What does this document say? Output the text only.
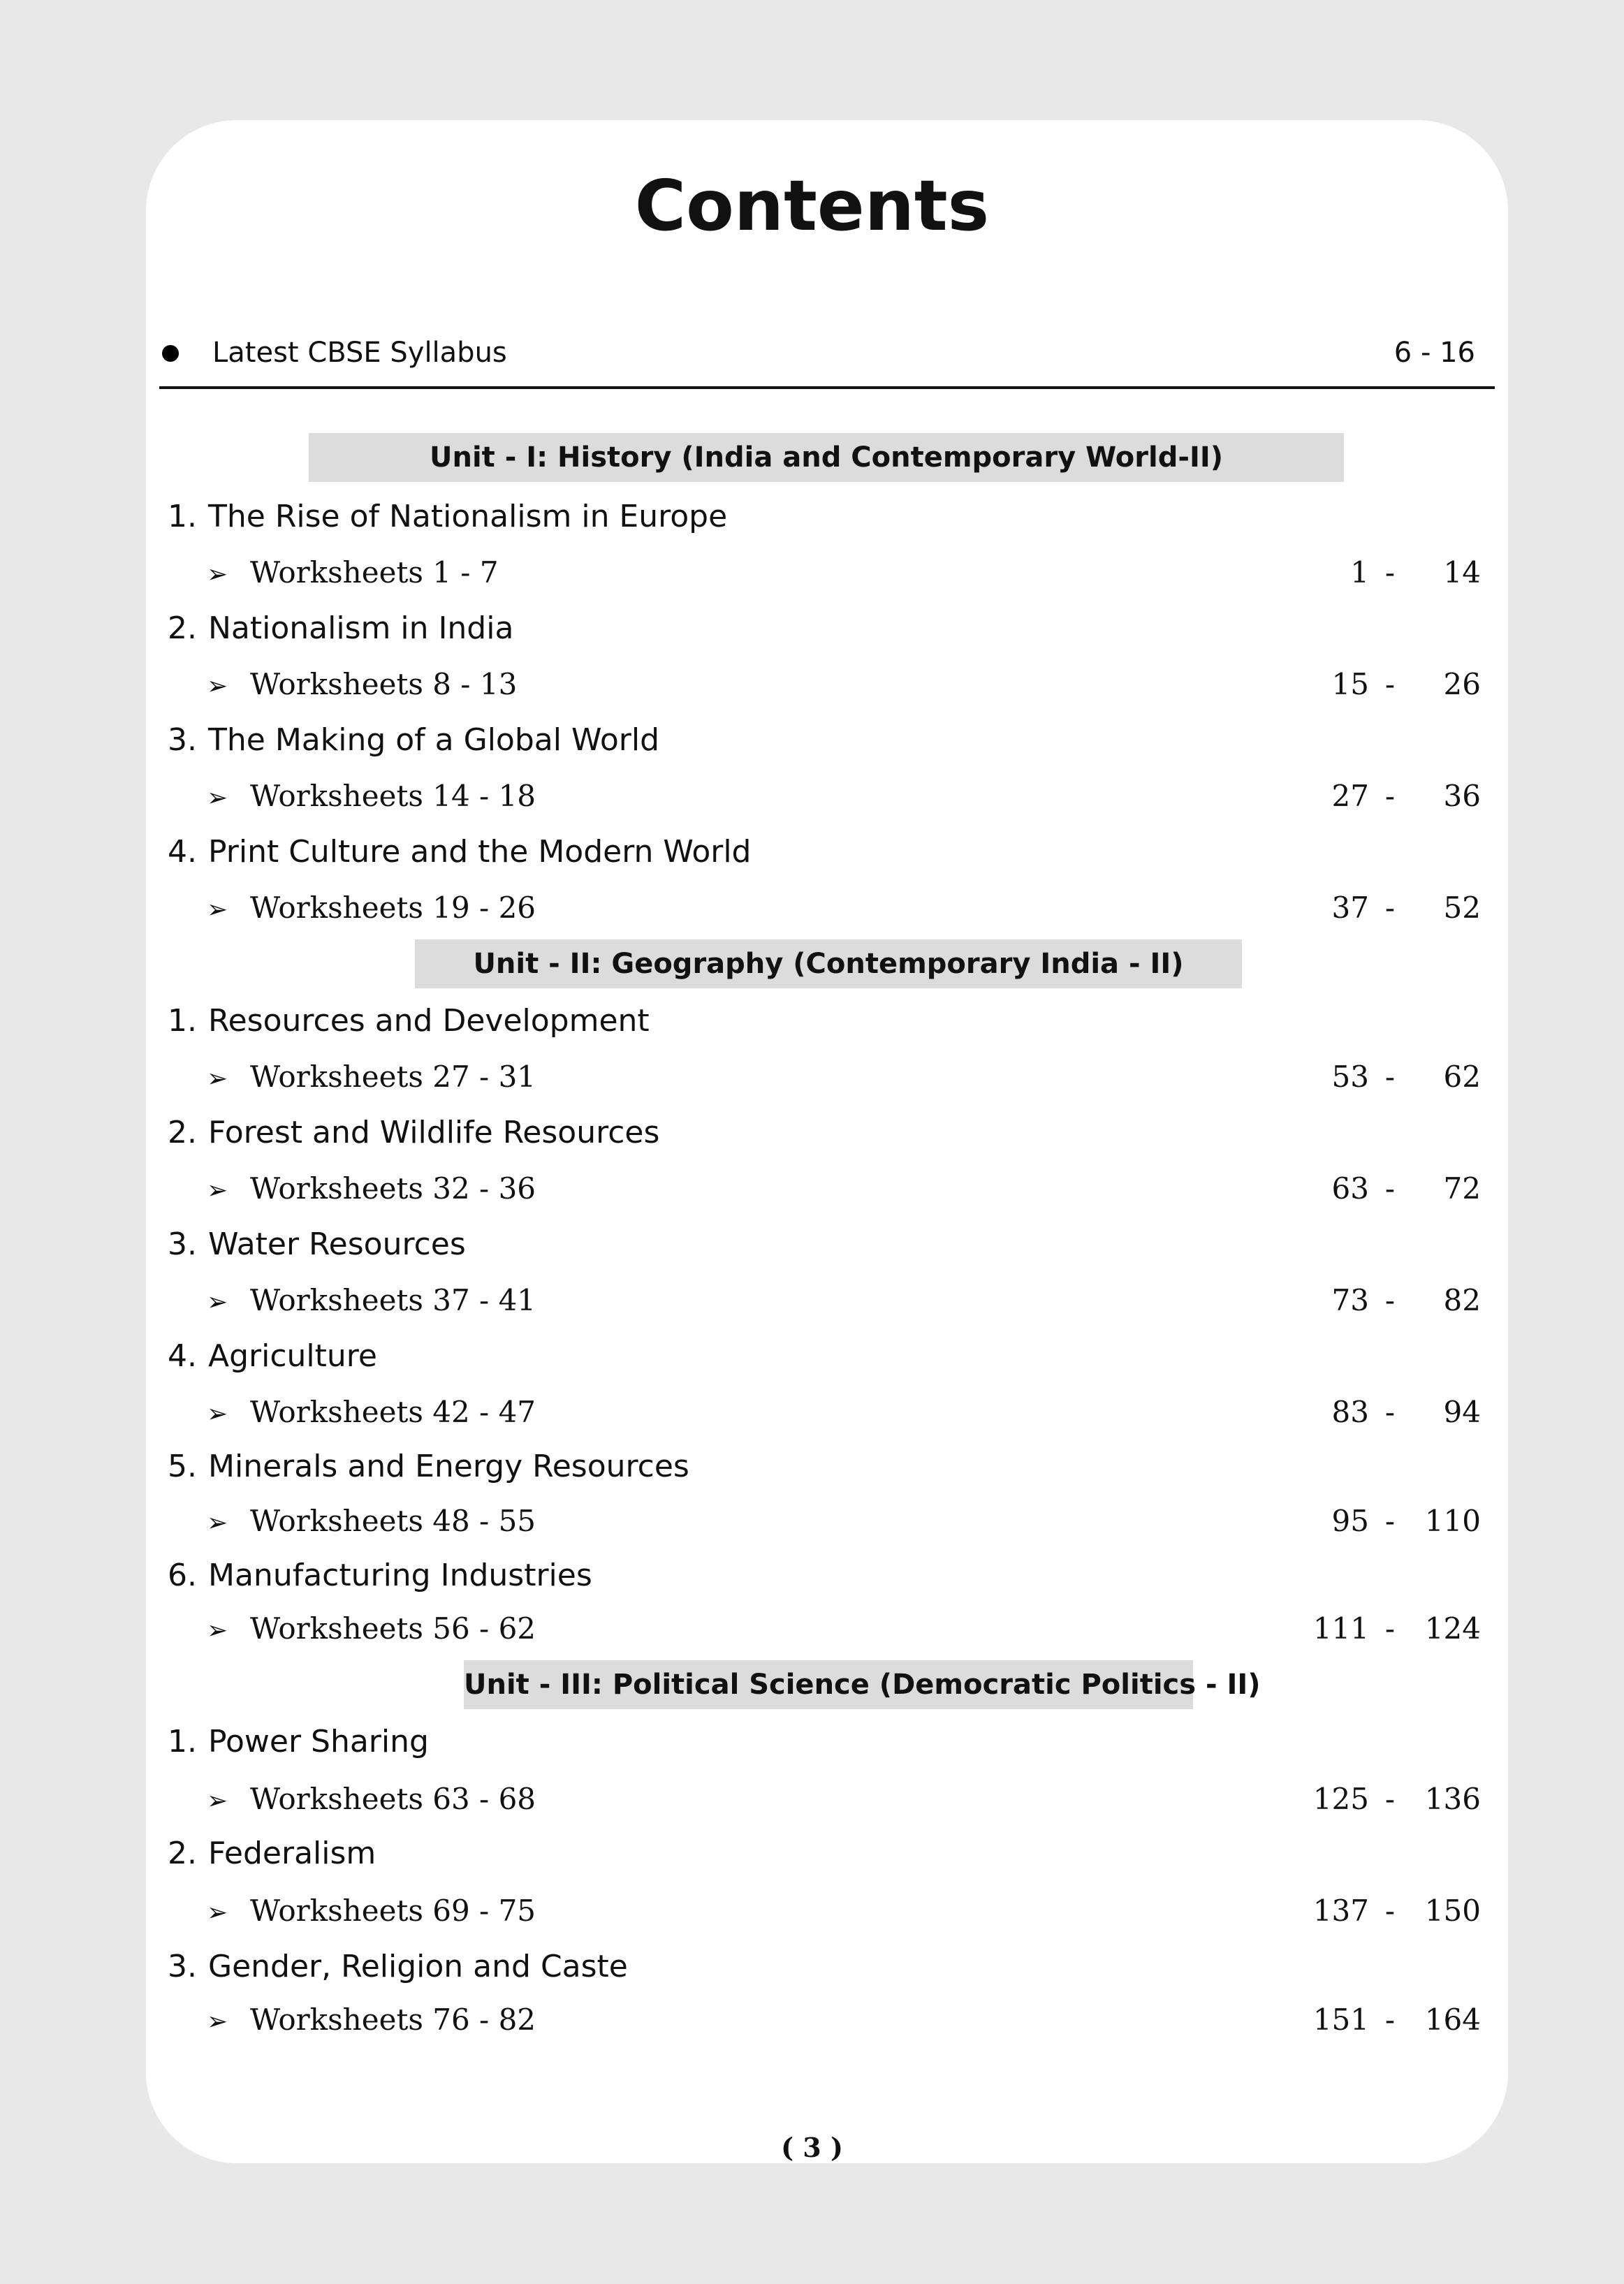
Contents
Latest CBSE Syllabus	6 - 16
Unit - I: History (India and Contemporary World-II)
Unit - II: Geography (Contemporary India - II)
Unit - III: Political Science (Democratic Politics - II)
1. The Rise of Nationalism in Europe
➢ Worksheets 1 - 7	1 - 14
2. Nationalism in India
➢ Worksheets 8 - 13	15 - 26
3. The Making of a Global World
➢ Worksheets 14 - 18	27 - 36
4. Print Culture and the Modern World
➢ Worksheets 19 - 26	37 - 52
1. Resources and Development
➢ Worksheets 27 - 31	53 - 62
2. Forest and Wildlife Resources
➢ Worksheets 32 - 36	63 - 72
3. Water Resources
➢ Worksheets 37 - 41	73 - 82
4. Agriculture
➢ Worksheets 42 - 47	83 - 94
5. Minerals and Energy Resources
➢ Worksheets 48 - 55	95 - 110
6. Manufacturing Industries
➢ Worksheets 56 - 62	111 - 124
1. Power Sharing
➢ Worksheets 63 - 68	125 - 136
2. Federalism
➢ Worksheets 69 - 75	137 - 150
3. Gender, Religion and Caste
➢ Worksheets 76 - 82	151 - 164
( 3 )
